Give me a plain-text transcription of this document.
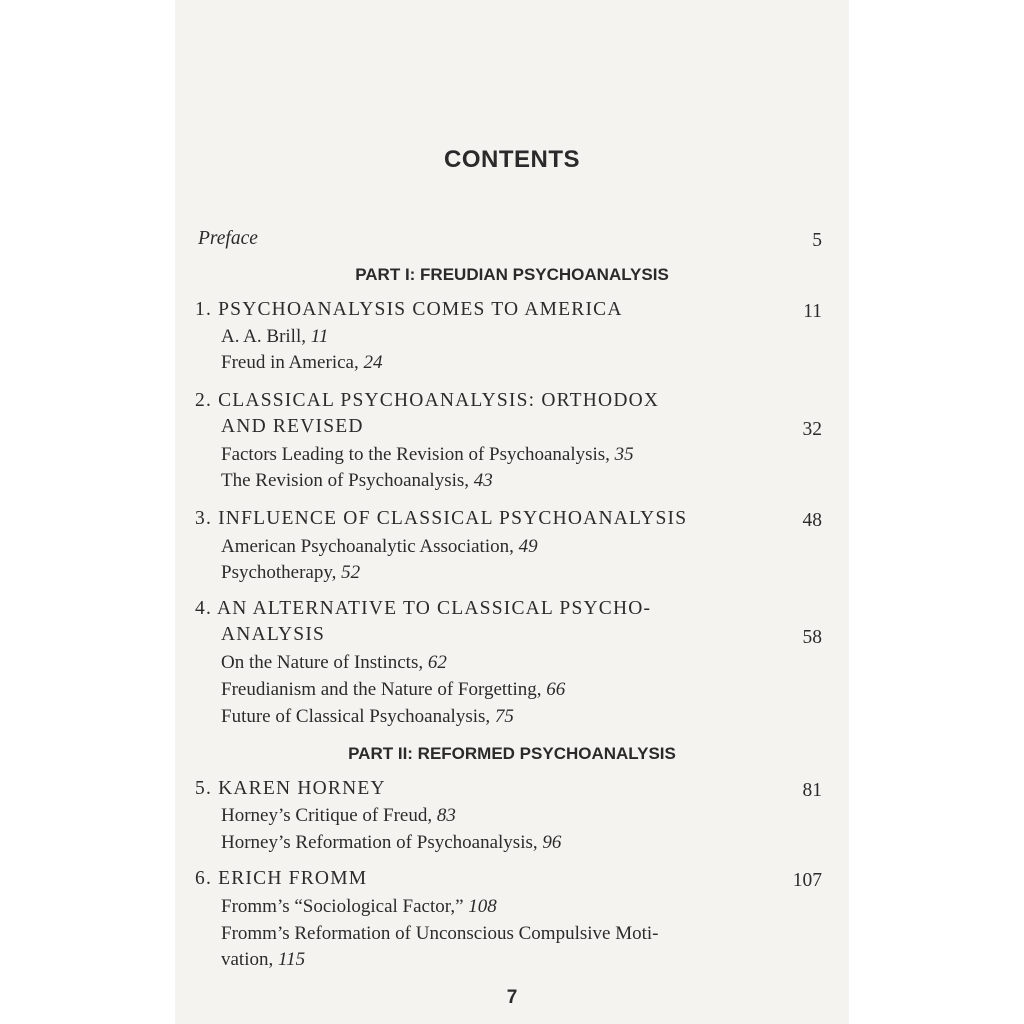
CONTENTS
Preface	5
PART I: FREUDIAN PSYCHOANALYSIS
1. PSYCHOANALYSIS COMES TO AMERICA	11
A. A. Brill, 11
Freud in America, 24
2. CLASSICAL PSYCHOANALYSIS: ORTHODOX
AND REVISED	32
Factors Leading to the Revision of Psychoanalysis, 35
The Revision of Psychoanalysis, 43
3. INFLUENCE OF CLASSICAL PSYCHOANALYSIS	48
American Psychoanalytic Association, 49
Psychotherapy, 52
4. AN ALTERNATIVE TO CLASSICAL PSYCHO-
ANALYSIS	58
On the Nature of Instincts, 62
Freudianism and the Nature of Forgetting, 66
Future of Classical Psychoanalysis, 75
PART II: REFORMED PSYCHOANALYSIS
5. KAREN HORNEY	81
Horney’s Critique of Freud, 83
Horney’s Reformation of Psychoanalysis, 96
6. ERICH FROMM	107
Fromm’s “Sociological Factor,” 108
Fromm’s Reformation of Unconscious Compulsive Moti-
vation, 115
7
